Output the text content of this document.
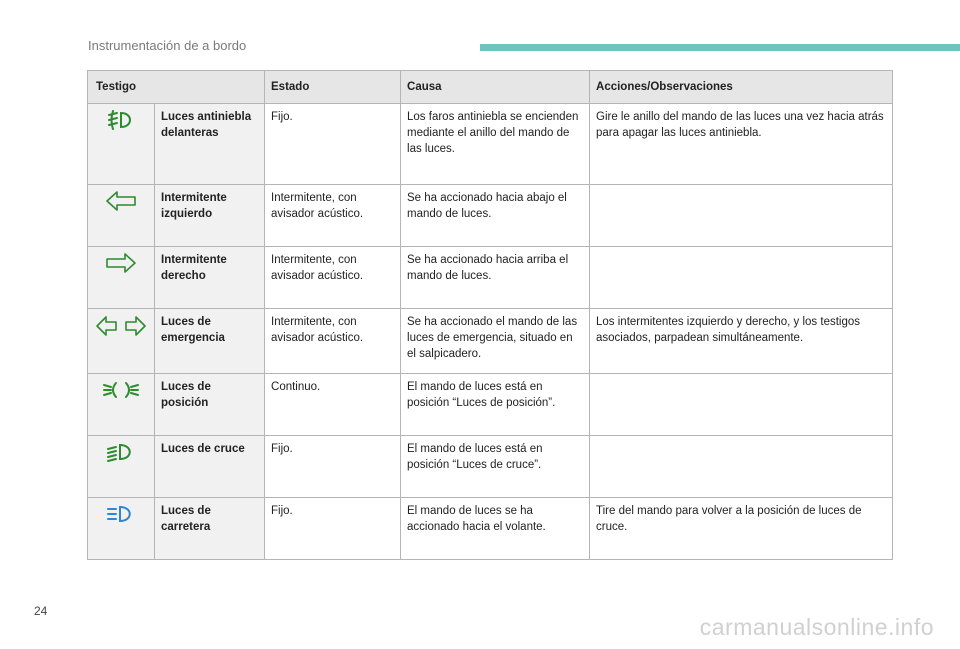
Instrumentación de a bordo
Testigo		Estado	Causa	Acciones/Observaciones
	Luces antiniebla delanteras	Fijo.	Los faros antiniebla se encienden mediante el anillo del mando de las luces.	Gire le anillo del mando de las luces una vez hacia atrás para apagar las luces antiniebla.
	Intermitente izquierdo	Intermitente, con avisador acústico.	Se ha accionado hacia abajo el mando de luces.	
	Intermitente derecho	Intermitente, con avisador acústico.	Se ha accionado hacia arriba el mando de luces.	
	Luces de emergencia	Intermitente, con avisador acústico.	Se ha accionado el mando de las luces de emergencia, situado en el salpicadero.	Los intermitentes izquierdo y derecho, y los testigos asociados, parpadean simultáneamente.
	Luces de posición	Continuo.	El mando de luces está en posición “Luces de posición”.	
	Luces de cruce	Fijo.	El mando de luces está en posición “Luces de cruce”.	
	Luces de carretera	Fijo.	El mando de luces se ha accionado hacia el volante.	Tire del mando para volver a la posición de luces de cruce.
24
carmanualsonline.info
